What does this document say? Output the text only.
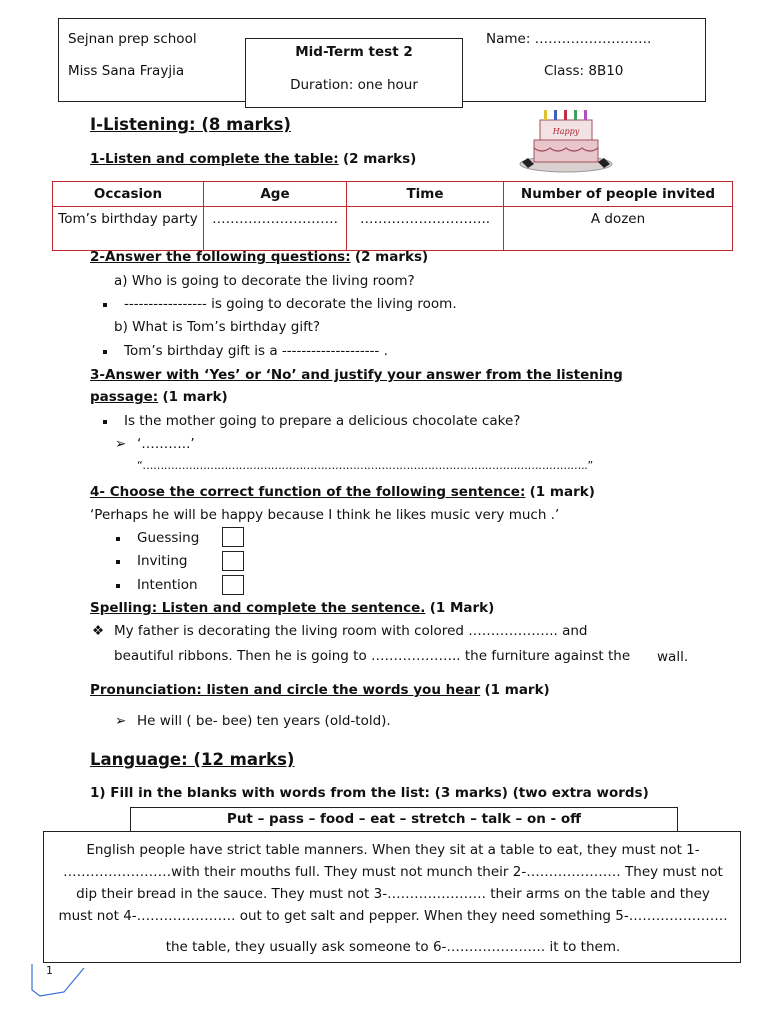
Sejnan prep school
Miss Sana Frayjia
Name: ……………………..
Class: 8B10
Mid-Term test 2
Duration: one hour
I-Listening: (8 marks)	Happy
1-Listen and complete the table: (2 marks)
Occasion	Age	Time	Number of people invited
Tom’s birthday party	……………………….	………………………..	A dozen
2-Answer the following questions: (2 marks)
a) Who is going to decorate the living room?
----------------- is going to decorate the living room.
b) What is Tom’s birthday gift?
Tom’s birthday gift is a -------------------- .
3-Answer with ‘Yes’ or ‘No’ and justify your answer from the listening
passage: (1 mark)
Is the mother going to prepare a delicious chocolate cake?
➢ ‘………..’
“……………………………………………………………………………………………………………..”
4- Choose the correct function of the following sentence: (1 mark)
‘Perhaps he will be happy because I think he likes music very much .’
Guessing
Inviting
Intention
Spelling: Listen and complete the sentence. (1 Mark)
❖ My father is decorating the living room with colored ……………….. and
beautiful ribbons. Then he is going to ……………….. the furniture against the wall.
Pronunciation: listen and circle the words you hear (1 mark)
➢ He will ( be- bee) ten years (old-told).
Language: (12 marks)
1) Fill in the blanks with words from the list: (3 marks) (two extra words)
Put – pass – food – eat – stretch – talk – on - off
English people have strict table manners. When they sit at a table to eat, they must not 1-
……………………with their mouths full. They must not munch their 2-………………… They must not
dip their bread in the sauce. They must not 3-…………………. their arms on the table and they
must not 4-…………………. out to get salt and pepper. When they need something 5-………………….
the table, they usually ask someone to 6-…………………. it to them.
1
